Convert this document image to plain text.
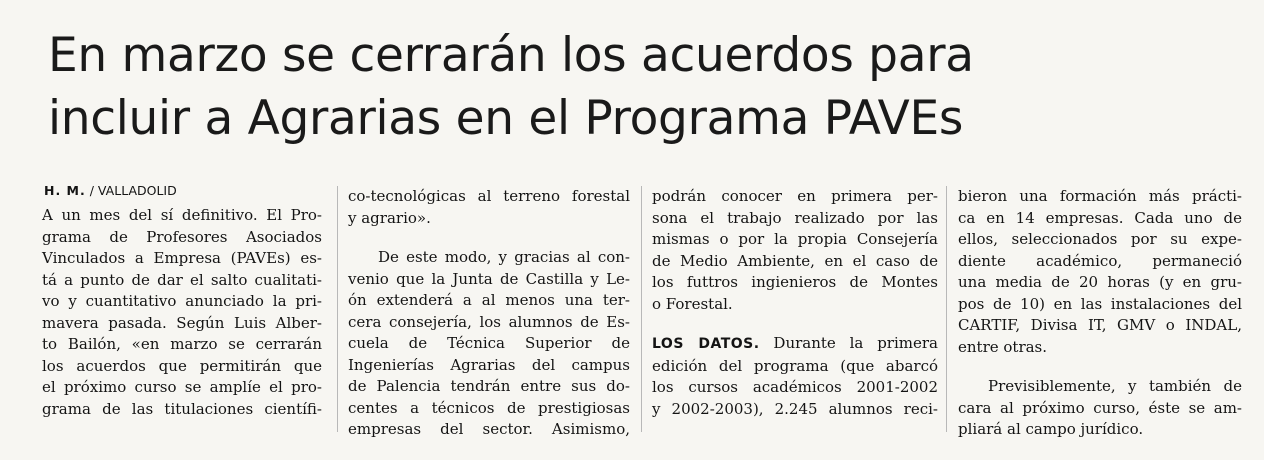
En marzo se cerrarán los acuerdos para
incluir a Agrarias en el Programa PAVEs
H. M. / VALLADOLID
A un mes del sí definitivo. El Pro-
grama de Profesores Asociados
Vinculados a Empresa (PAVEs) es-
tá a punto de dar el salto cualitati-
vo y cuantitativo anunciado la pri-
mavera pasada. Según Luis Alber-
to Bailón, «en marzo se cerrarán
los acuerdos que permitirán que
el próximo curso se amplíe el pro-
grama de las titulaciones científi-
co-tecnológicas al terreno forestal
y agrario».
De este modo, y gracias al con-
venio que la Junta de Castilla y Le-
ón extenderá a al menos una ter-
cera consejería, los alumnos de Es-
cuela de Técnica Superior de
Ingenierías Agrarias del campus
de Palencia tendrán entre sus do-
centes a técnicos de prestigiosas
empresas del sector. Asimismo,
podrán conocer en primera per-
sona el trabajo realizado por las
mismas o por la propia Consejería
de Medio Ambiente, en el caso de
los futtros ingienieros de Montes
o Forestal.
LOS DATOS. Durante la primera
edición del programa (que abarcó
los cursos académicos 2001-2002
y 2002-2003), 2.245 alumnos reci-
bieron una formación más prácti-
ca en 14 empresas. Cada uno de
ellos, seleccionados por su expe-
diente académico, permaneció
una media de 20 horas (y en gru-
pos de 10) en las instalaciones del
CARTIF, Divisa IT, GMV o INDAL,
entre otras.
Previsiblemente, y también de
cara al próximo curso, éste se am-
pliará al campo jurídico.
